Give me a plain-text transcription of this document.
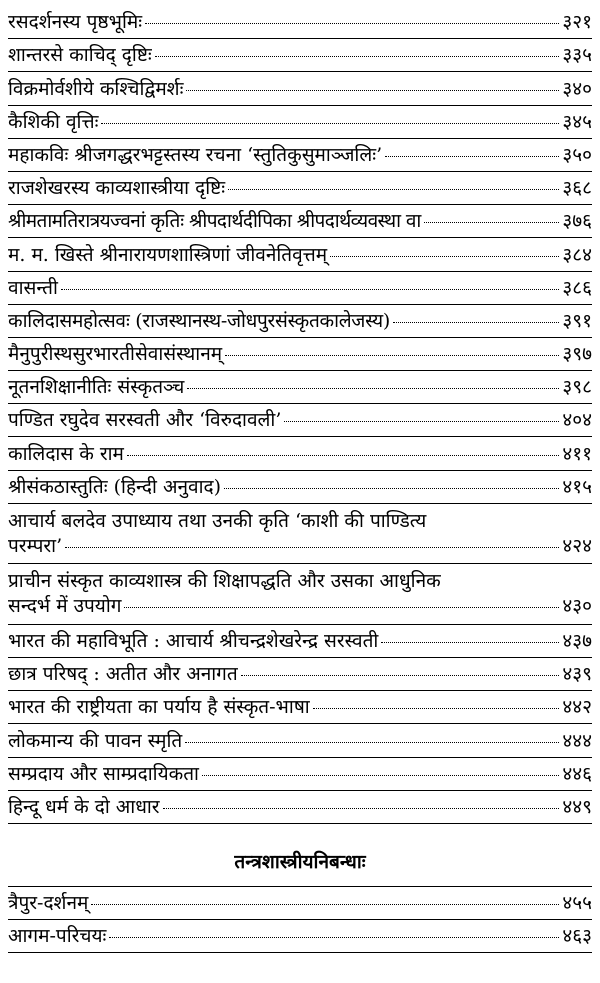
रसदर्शनस्य पृष्ठभूमिः	३२१
शान्तरसे काचिद् दृष्टिः	३३५
विक्रमोर्वशीये कश्चिद्विमर्शः	३४०
कैशिकी वृत्तिः	३४५
महाकविः श्रीजगद्धरभट्टस्तस्य रचना ‘स्तुतिकुसुमाञ्जलिः’	३५०
राजशेखरस्य काव्यशास्त्रीया दृष्टिः	३६८
श्रीमतामतिरात्रयज्वनां कृतिः श्रीपदार्थदीपिका श्रीपदार्थव्यवस्था वा	३७६
म. म. खिस्ते श्रीनारायणशास्त्रिणां जीवनेतिवृत्तम्	३८४
वासन्ती	३८६
कालिदासमहोत्सवः (राजस्थानस्थ-जोधपुरसंस्कृतकालेजस्य)	३९१
मैनुपुरीस्थसुरभारतीसेवासंस्थानम्	३९७
नूतनशिक्षानीतिः संस्कृतञ्च	३९८
पण्डित रघुदेव सरस्वती और ‘विरुदावली’	४०४
कालिदास के राम	४११
श्रीसंकठास्तुतिः (हिन्दी अनुवाद)	४१५
आचार्य बलदेव उपाध्याय तथा उनकी कृति ‘काशी की पाण्डित्य
परम्परा’	४२४
प्राचीन संस्कृत काव्यशास्त्र की शिक्षापद्धति और उसका आधुनिक
सन्दर्भ में उपयोग	४३०
भारत की महाविभूति : आचार्य श्रीचन्द्रशेखरेन्द्र सरस्वती	४३७
छात्र परिषद् : अतीत और अनागत	४३९
भारत की राष्ट्रीयता का पर्याय है संस्कृत-भाषा	४४२
लोकमान्य की पावन स्मृति	४४४
सम्प्रदाय और साम्प्रदायिकता	४४६
हिन्दू धर्म के दो आधार	४४९
तन्त्रशास्त्रीयनिबन्धाः
त्रैपुर-दर्शनम्	४५५
आगम-परिचयः	४६३
